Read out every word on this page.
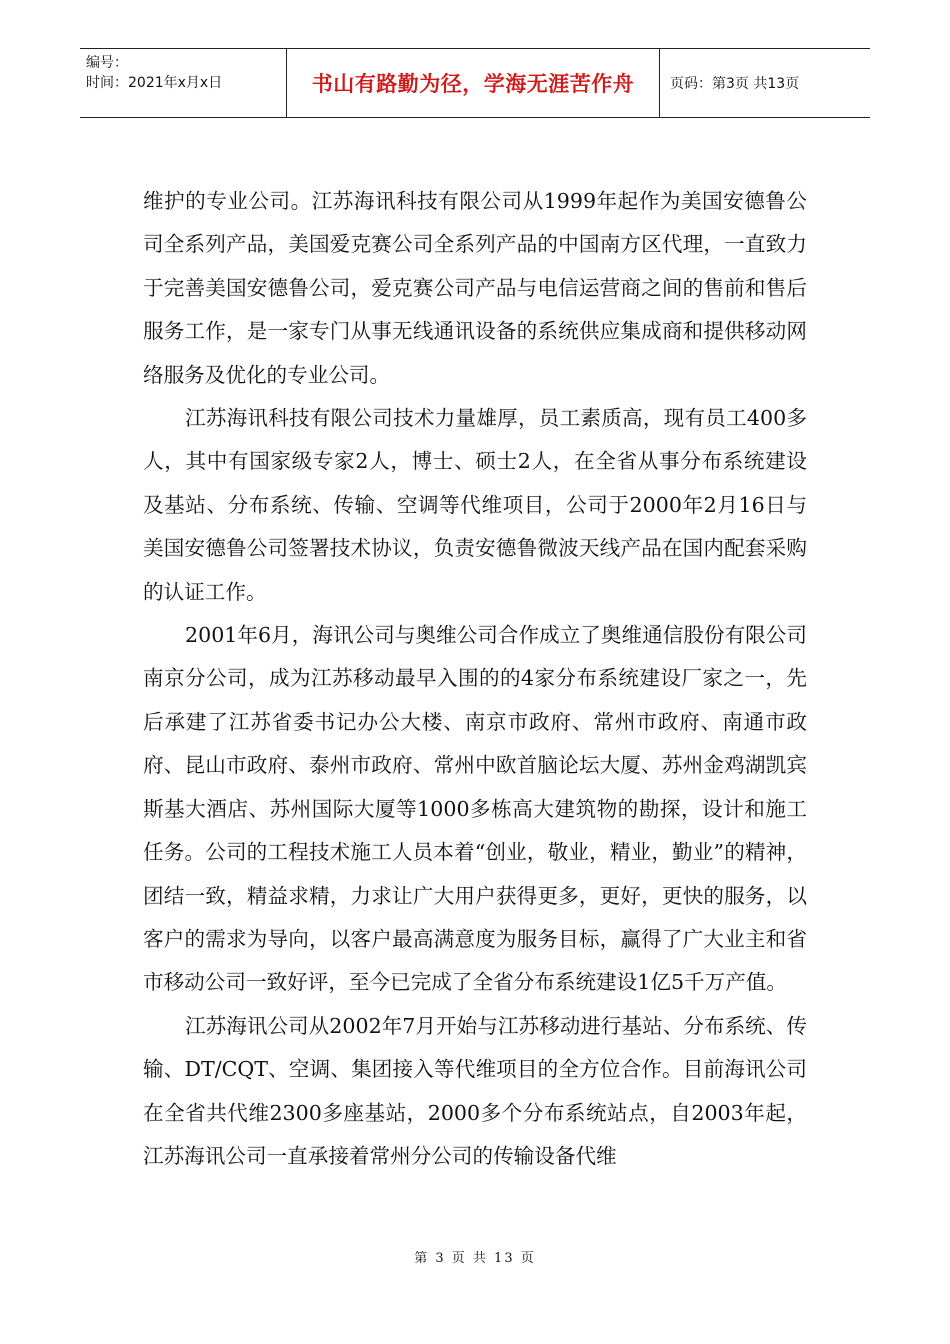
编号：
时间：2021年x月x日	书山有路勤为径，学海无涯苦作舟	页码：第3页 共13页

维护的专业公司。江苏海讯科技有限公司从1999年起作为美国安德鲁公司全系列产品，美国爱克赛公司全系列产品的中国南方区代理，一直致力于完善美国安德鲁公司，爱克赛公司产品与电信运营商之间的售前和售后服务工作，是一家专门从事无线通讯设备的系统供应集成商和提供移动网络服务及优化的专业公司。

江苏海讯科技有限公司技术力量雄厚，员工素质高，现有员工400多人，其中有国家级专家2人，博士、硕士2人，在全省从事分布系统建设及基站、分布系统、传输、空调等代维项目，公司于2000年2月16日与美国安德鲁公司签署技术协议，负责安德鲁微波天线产品在国内配套采购的认证工作。

2001年6月，海讯公司与奥维公司合作成立了奥维通信股份有限公司南京分公司，成为江苏移动最早入围的的4家分布系统建设厂家之一，先后承建了江苏省委书记办公大楼、南京市政府、常州市政府、南通市政府、昆山市政府、泰州市政府、常州中欧首脑论坛大厦、苏州金鸡湖凯宾斯基大酒店、苏州国际大厦等1000多栋高大建筑物的勘探，设计和施工任务。公司的工程技术施工人员本着“创业，敬业，精业，勤业”的精神，团结一致，精益求精，力求让广大用户获得更多，更好，更快的服务，以客户的需求为导向，以客户最高满意度为服务目标，赢得了广大业主和省市移动公司一致好评，至今已完成了全省分布系统建设1亿5千万产值。

江苏海讯公司从2002年7月开始与江苏移动进行基站、分布系统、传输、DT/CQT、空调、集团接入等代维项目的全方位合作。目前海讯公司在全省共代维2300多座基站，2000多个分布系统站点，自2003年起，江苏海讯公司一直承接着常州分公司的传输设备代维

第 3 页 共 13 页
